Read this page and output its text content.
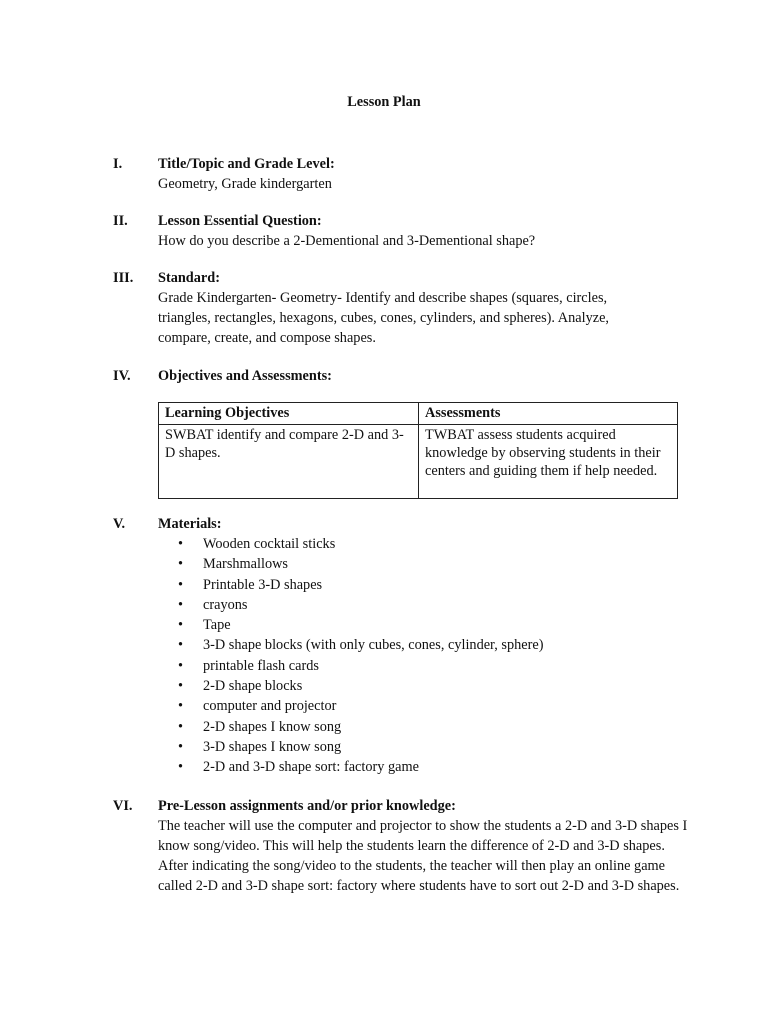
Lesson Plan
I.	Title/Topic and Grade Level:
Geometry, Grade kindergarten
II.	Lesson Essential Question:
How do you describe a 2-Dementional and 3-Dementional shape?
III.	Standard:
Grade Kindergarten- Geometry- Identify and describe shapes (squares, circles, triangles, rectangles, hexagons, cubes, cones, cylinders, and spheres). Analyze, compare, create, and compose shapes.
IV.	Objectives and Assessments:
Learning Objectives	Assessments
SWBAT identify and compare 2-D and 3-D shapes.	TWBAT assess students acquired knowledge by observing students in their centers and guiding them if help needed.
V.	Materials:
• Wooden cocktail sticks
• Marshmallows
• Printable 3-D shapes
• crayons
• Tape
• 3-D shape blocks (with only cubes, cones, cylinder, sphere)
• printable flash cards
• 2-D shape blocks
• computer and projector
• 2-D shapes I know song
• 3-D shapes I know song
• 2-D and 3-D shape sort: factory game
VI.	Pre-Lesson assignments and/or prior knowledge:
The teacher will use the computer and projector to show the students a 2-D and 3-D shapes I know song/video. This will help the students learn the difference of 2-D and 3-D shapes. After indicating the song/video to the students, the teacher will then play an online game called 2-D and 3-D shape sort: factory where students have to sort out 2-D and 3-D shapes.
